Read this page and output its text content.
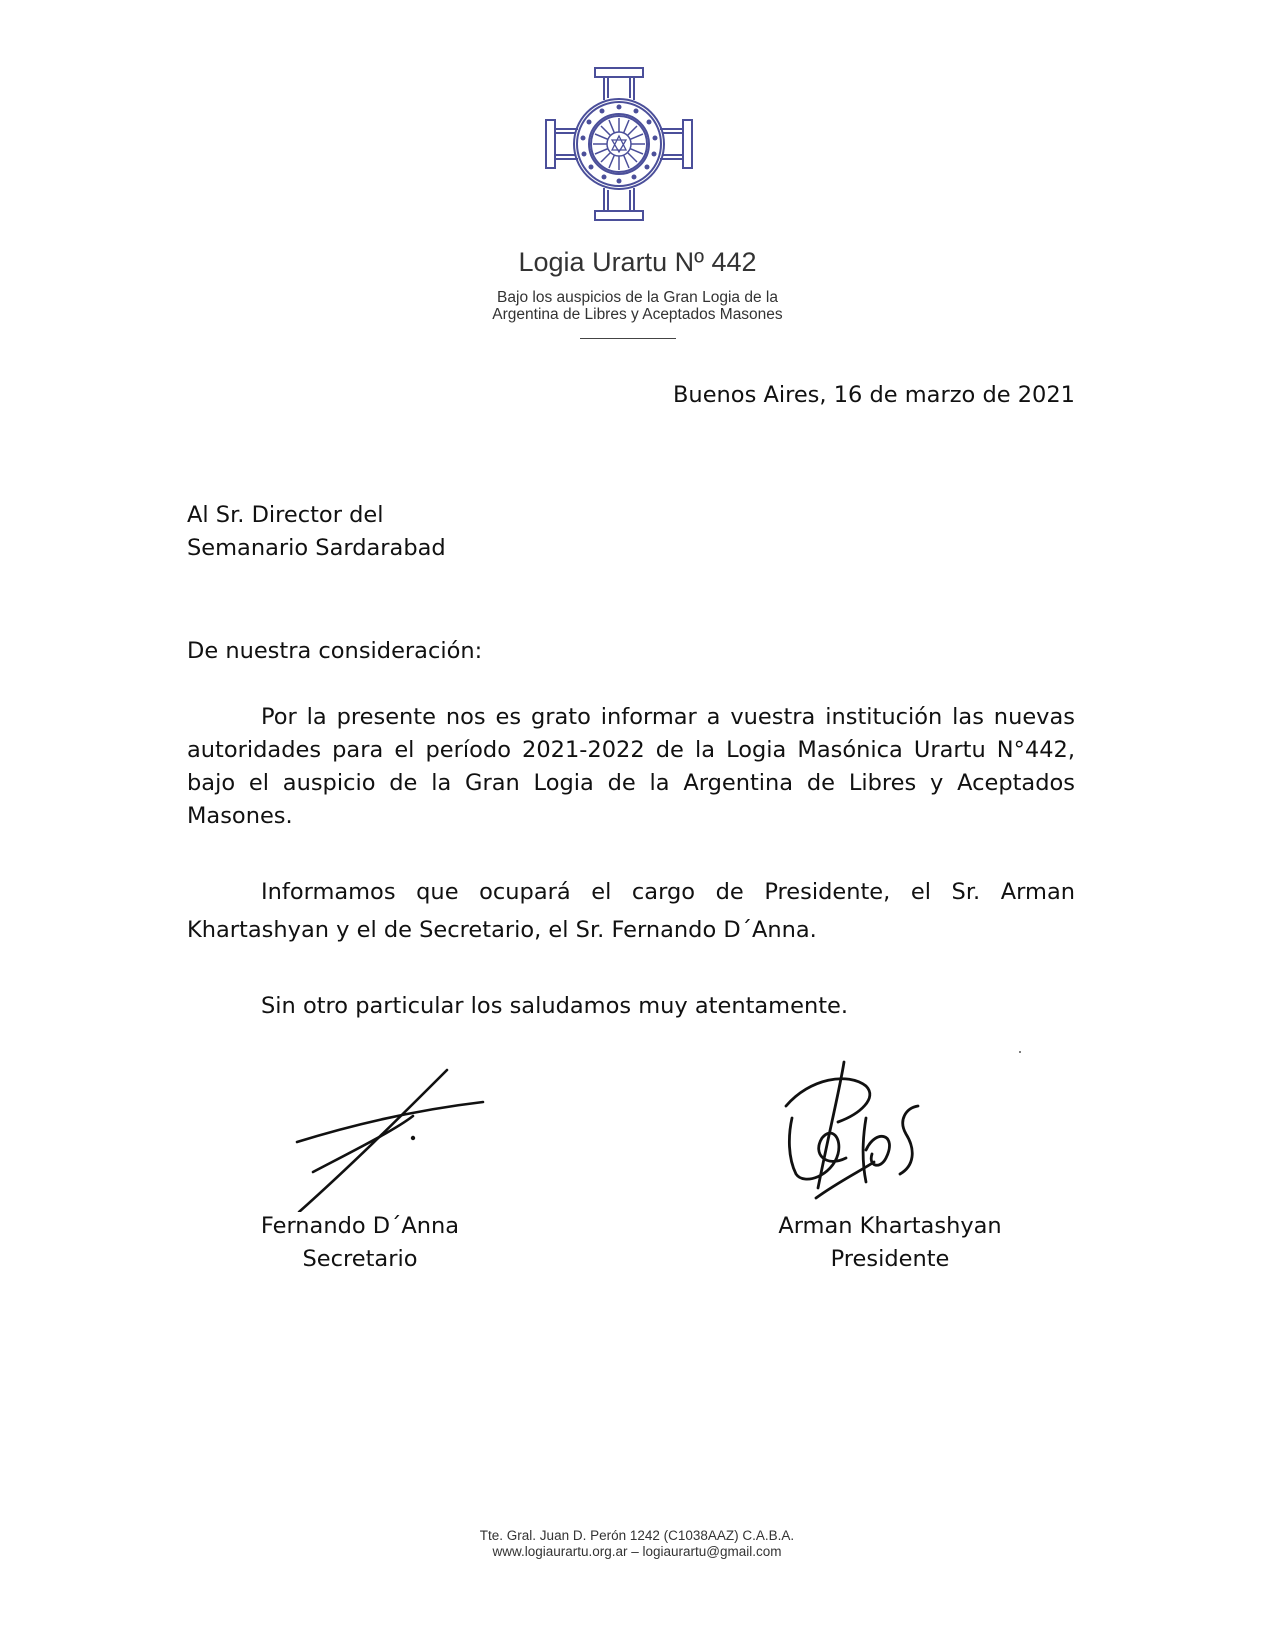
Logia Urartu Nº 442
Bajo los auspicios de la Gran Logia de la
Argentina de Libres y Aceptados Masones
Buenos Aires, 16 de marzo de 2021
Al Sr. Director del
Semanario Sardarabad
De nuestra consideración:
Por la presente nos es grato informar a vuestra institución las nuevas autoridades para el período 2021-2022 de la Logia Masónica Urartu N°442, bajo el auspicio de la Gran Logia de la Argentina de Libres y Aceptados Masones.
Informamos que ocupará el cargo de Presidente, el Sr. Arman Khartashyan y el de Secretario, el Sr. Fernando D´Anna.
Sin otro particular los saludamos muy atentamente.
Fernando D´Anna
Secretario
Arman Khartashyan
Presidente
Tte. Gral. Juan D. Perón 1242 (C1038AAZ) C.A.B.A.
www.logiaurartu.org.ar – logiaurartu@gmail.com
